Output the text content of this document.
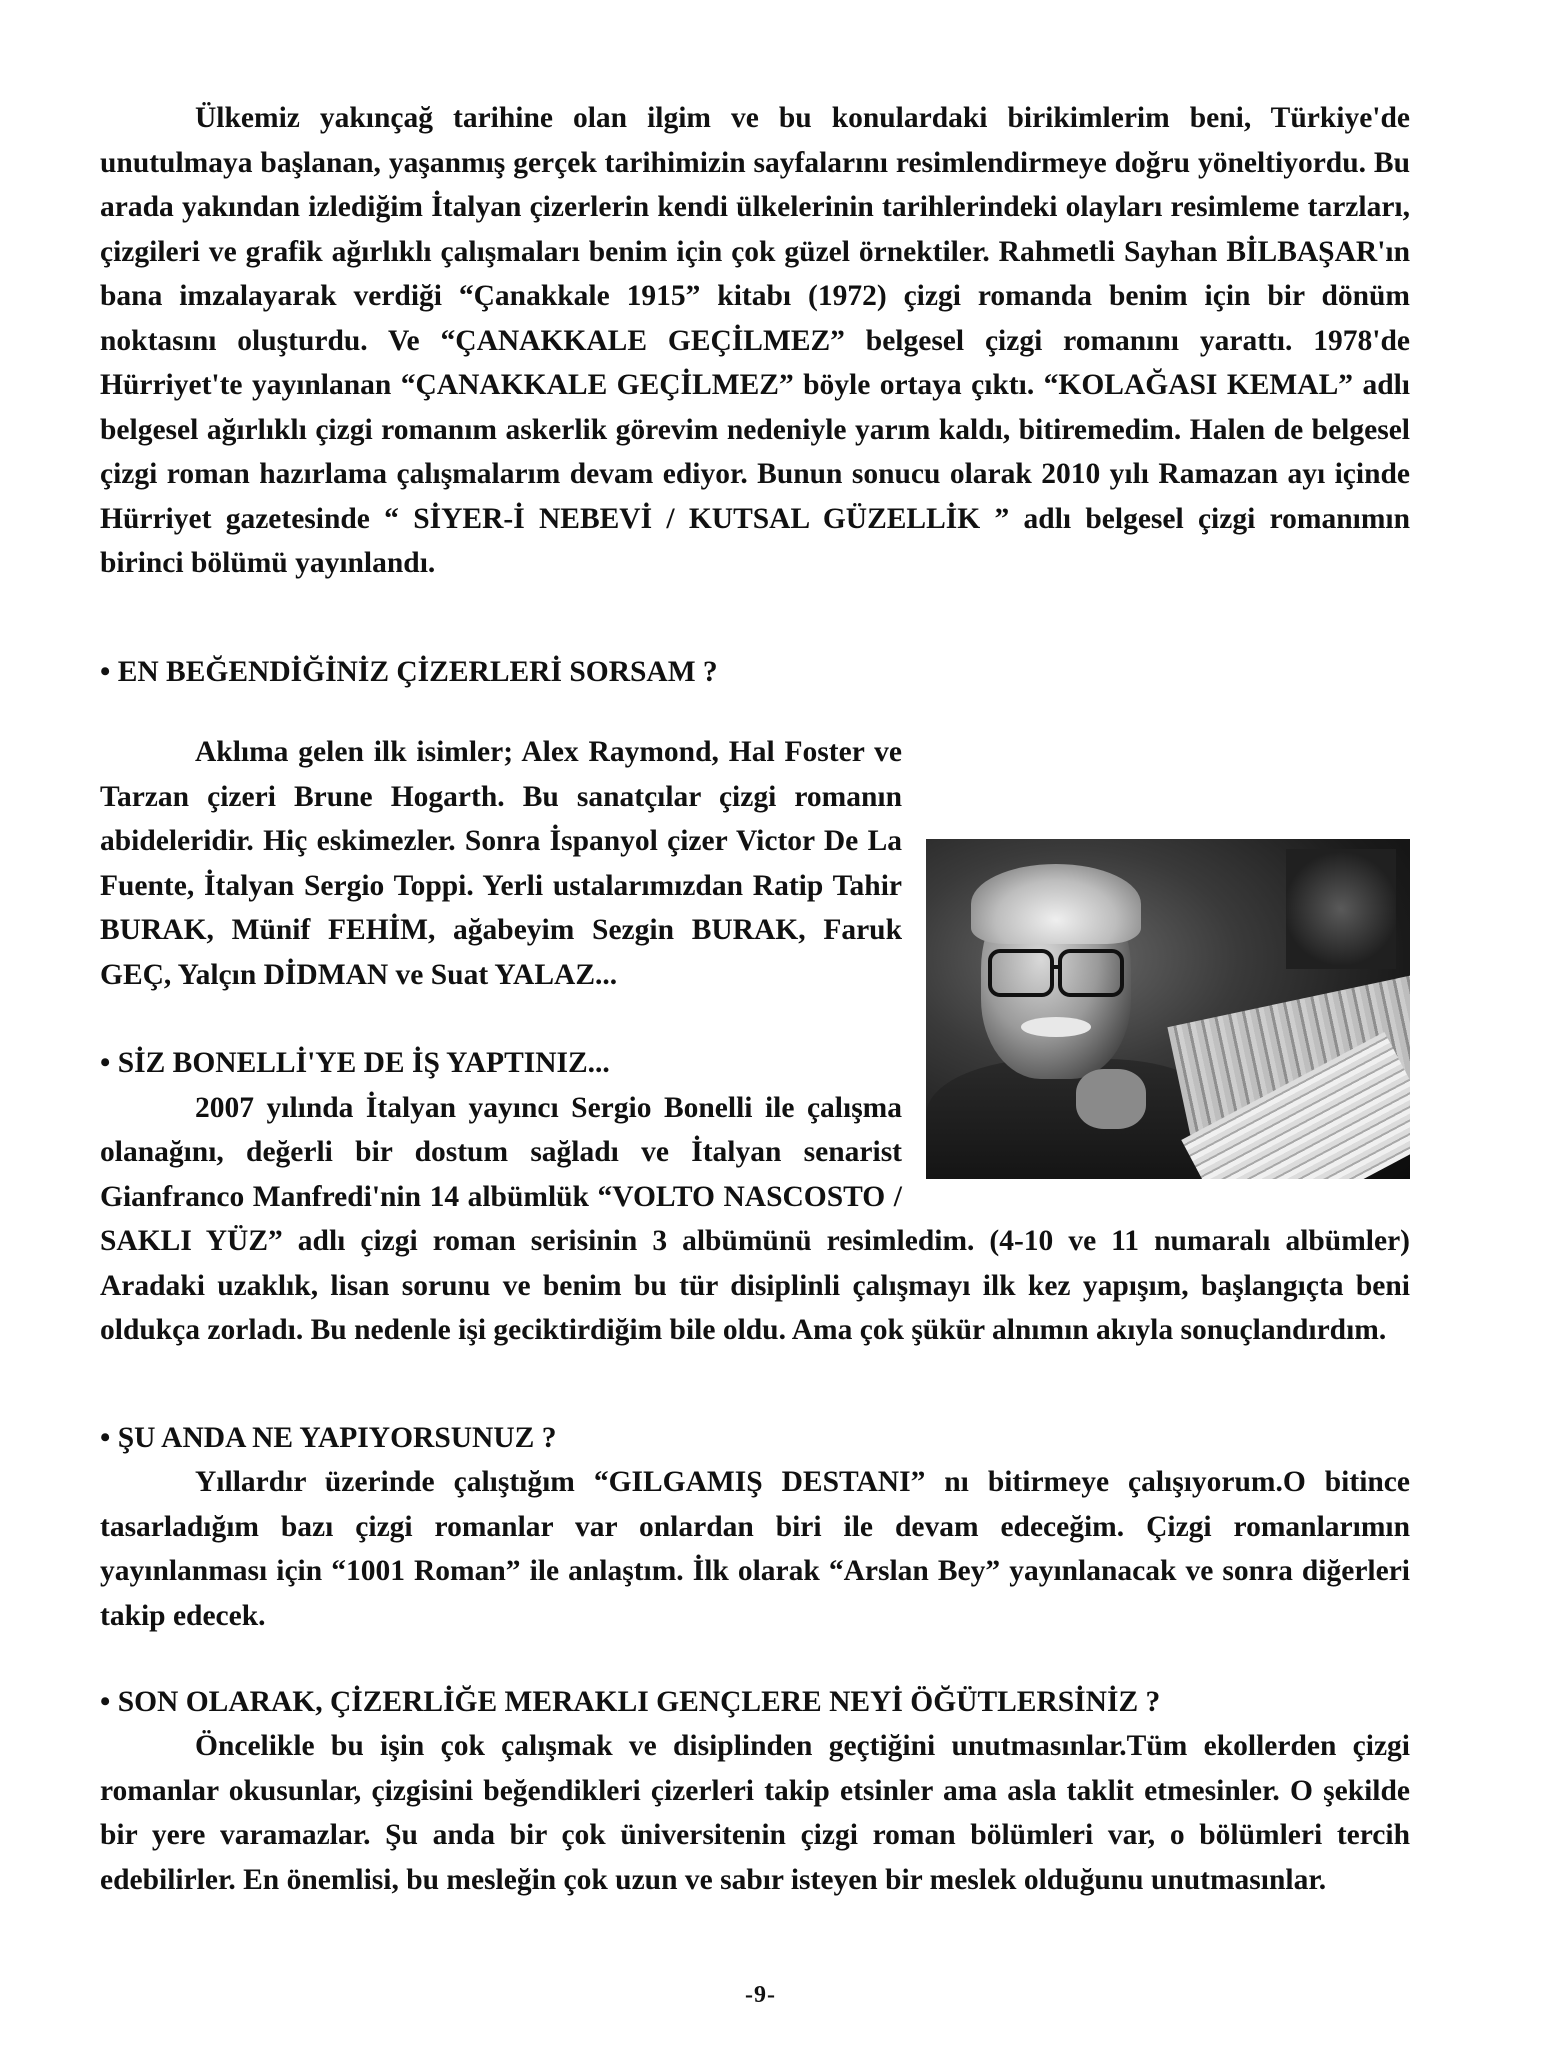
Ülkemiz yakınçağ tarihine olan ilgim ve bu konulardaki birikimlerim beni, Türkiye'de unutulmaya başlanan, yaşanmış gerçek tarihimizin sayfalarını resimlendirmeye doğru yöneltiyordu. Bu arada yakından izlediğim İtalyan çizerlerin kendi ülkelerinin tarihlerindeki olayları resimleme tarzları, çizgileri ve grafik ağırlıklı çalışmaları benim için çok güzel örnektiler. Rahmetli Sayhan BİLBAŞAR'ın bana imzalayarak verdiği “Çanakkale 1915” kitabı (1972) çizgi romanda benim için bir dönüm noktasını oluşturdu. Ve “ÇANAKKALE GEÇİLMEZ” belgesel çizgi romanını yarattı. 1978'de Hürriyet'te yayınlanan “ÇANAKKALE GEÇİLMEZ” böyle ortaya çıktı. “KOLAĞASI KEMAL” adlı belgesel ağırlıklı çizgi romanım askerlik görevim nedeniyle yarım kaldı, bitiremedim. Halen de belgesel çizgi roman hazırlama çalışmalarım devam ediyor. Bunun sonucu olarak 2010 yılı Ramazan ayı içinde Hürriyet gazetesinde “ SİYER-İ NEBEVİ / KUTSAL GÜZELLİK ” adlı belgesel çizgi romanımın birinci bölümü yayınlandı.

• EN BEĞENDİĞİNİZ ÇİZERLERİ SORSAM ?

Aklıma gelen ilk isimler; Alex Raymond, Hal Foster ve Tarzan çizeri Brune Hogarth. Bu sanatçılar çizgi romanın abideleridir. Hiç eskimezler. Sonra İspanyol çizer Victor De La Fuente, İtalyan Sergio Toppi. Yerli ustalarımızdan Ratip Tahir BURAK, Münif FEHİM, ağabeyim Sezgin BURAK, Faruk GEÇ, Yalçın DİDMAN ve Suat YALAZ...

• SİZ BONELLİ'YE DE İŞ YAPTINIZ...

2007 yılında İtalyan yayıncı Sergio Bonelli ile çalışma olanağını, değerli bir dostum sağladı ve İtalyan senarist Gianfranco Manfredi'nin 14 albümlük “VOLTO NASCOSTO / SAKLI YÜZ” adlı çizgi roman serisinin 3 albümünü resimledim. (4-10 ve 11 numaralı albümler) Aradaki uzaklık, lisan sorunu ve benim bu tür disiplinli çalışmayı ilk kez yapışım, başlangıçta beni oldukça zorladı. Bu nedenle işi geciktirdiğim bile oldu. Ama çok şükür alnımın akıyla sonuçlandırdım.

• ŞU ANDA NE YAPIYORSUNUZ ?

Yıllardır üzerinde çalıştığım “GILGAMIŞ DESTANI” nı bitirmeye çalışıyorum.O bitince tasarladığım bazı çizgi romanlar var onlardan biri ile devam edeceğim. Çizgi romanlarımın yayınlanması için “1001 Roman” ile anlaştım. İlk olarak “Arslan Bey” yayınlanacak ve sonra diğerleri takip edecek.

• SON OLARAK, ÇİZERLİĞE MERAKLI GENÇLERE NEYİ ÖĞÜTLERSİNİZ ?

Öncelikle bu işin çok çalışmak ve disiplinden geçtiğini unutmasınlar.Tüm ekollerden çizgi romanlar okusunlar, çizgisini beğendikleri çizerleri takip etsinler ama asla taklit etmesinler. O şekilde bir yere varamazlar. Şu anda bir çok üniversitenin çizgi roman bölümleri var, o bölümleri tercih edebilirler. En önemlisi, bu mesleğin çok uzun ve sabır isteyen bir meslek olduğunu unutmasınlar.

-9-
